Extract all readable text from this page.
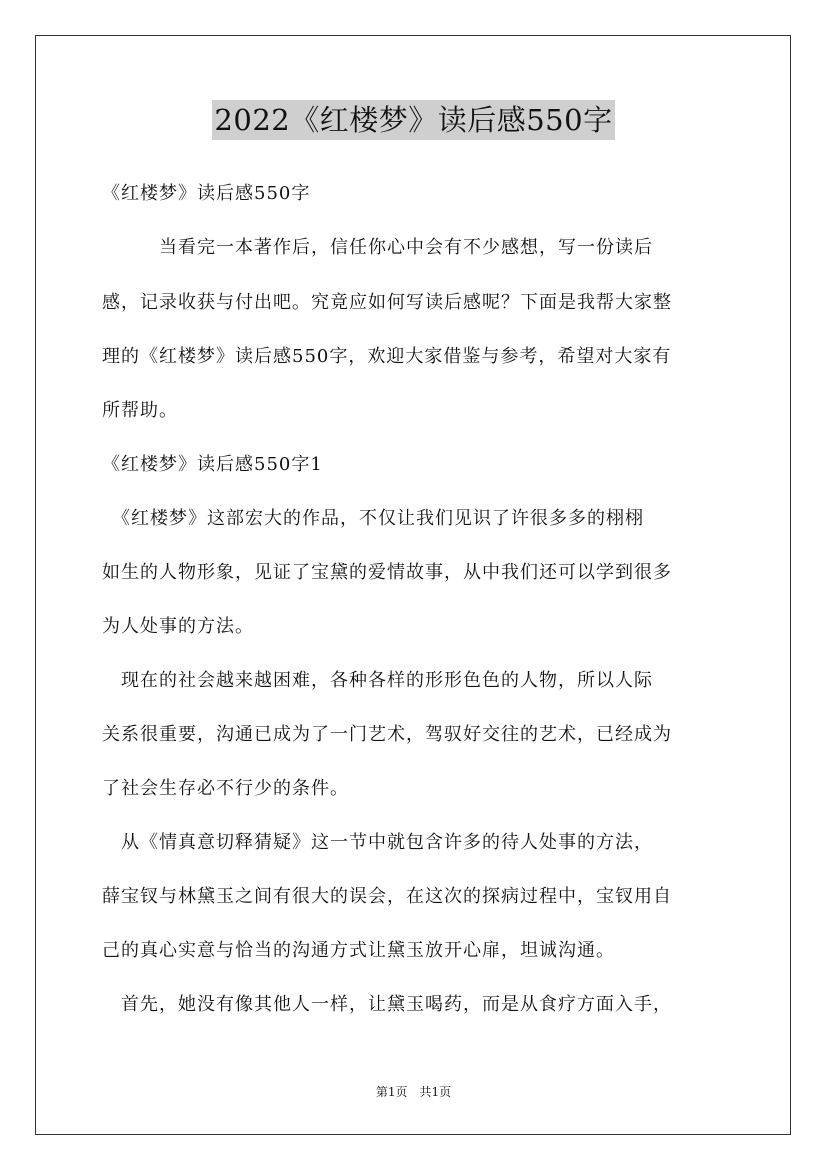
2022《红楼梦》读后感550字
《红楼梦》读后感550字
　　　当看完一本著作后，信任你心中会有不少感想，写一份读后
感，记录收获与付出吧。究竟应如何写读后感呢？下面是我帮大家整
理的《红楼梦》读后感550字，欢迎大家借鉴与参考，希望对大家有
所帮助。
《红楼梦》读后感550字1
　《红楼梦》这部宏大的作品，不仅让我们见识了许很多多的栩栩
如生的人物形象，见证了宝黛的爱情故事，从中我们还可以学到很多
为人处事的方法。
　现在的社会越来越困难，各种各样的形形色色的人物，所以人际
关系很重要，沟通已成为了一门艺术，驾驭好交往的艺术，已经成为
了社会生存必不行少的条件。
　从《情真意切释猜疑》这一节中就包含许多的待人处事的方法，
薛宝钗与林黛玉之间有很大的误会，在这次的探病过程中，宝钗用自
己的真心实意与恰当的沟通方式让黛玉放开心扉，坦诚沟通。
　首先，她没有像其他人一样，让黛玉喝药，而是从食疗方面入手，
第1页　共1页
